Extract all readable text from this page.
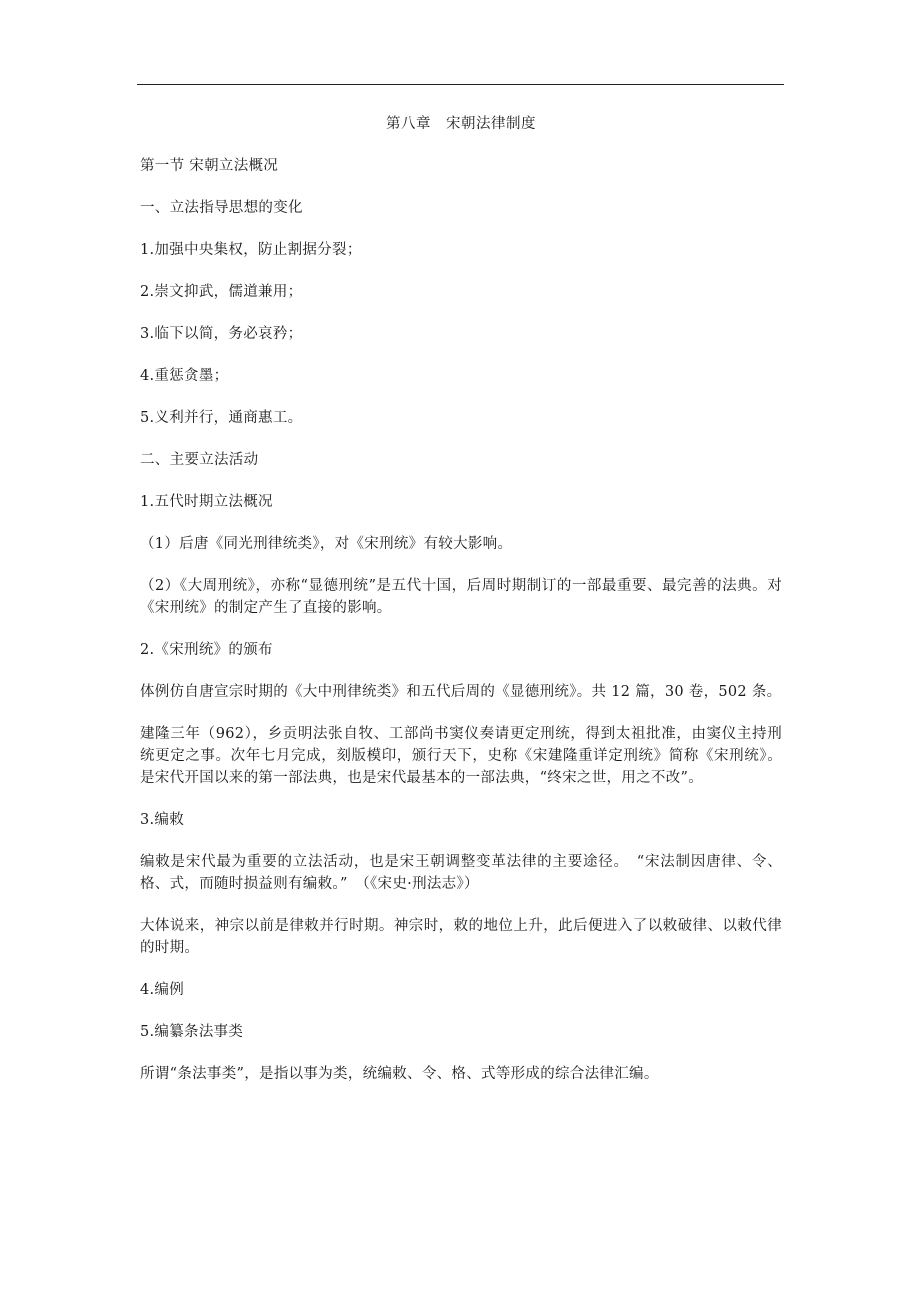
第八章　宋朝法律制度

第一节 宋朝立法概况

一、立法指导思想的变化

1.加强中央集权，防止割据分裂；

2.崇文抑武，儒道兼用；

3.临下以简，务必哀矜；

4.重惩贪墨；

5.义利并行，通商惠工。

二、主要立法活动

1.五代时期立法概况

（1）后唐《同光刑律统类》，对《宋刑统》有较大影响。

（2）《大周刑统》，亦称“显德刑统”是五代十国，后周时期制订的一部最重要、最完善的法典。对《宋刑统》的制定产生了直接的影响。

2.《宋刑统》的颁布

体例仿自唐宣宗时期的《大中刑律统类》和五代后周的《显德刑统》。共 12 篇，30 卷，502 条。

建隆三年（962），乡贡明法张自牧、工部尚书窦仪奏请更定刑统，得到太祖批准，由窦仪主持刑统更定之事。次年七月完成，刻版模印，颁行天下，史称《宋建隆重详定刑统》简称《宋刑统》。是宋代开国以来的第一部法典，也是宋代最基本的一部法典，“终宋之世，用之不改”。

3.编敕

编敕是宋代最为重要的立法活动，也是宋王朝调整变革法律的主要途径。　“宋法制因唐律、令、格、式，而随时损益则有编敕。”　（《宋史·刑法志》）

大体说来，神宗以前是律敕并行时期。神宗时，敕的地位上升，此后便进入了以敕破律、以敕代律的时期。

4.编例

5.编纂条法事类

所谓“条法事类”，是指以事为类，统编敕、令、格、式等形成的综合法律汇编。
